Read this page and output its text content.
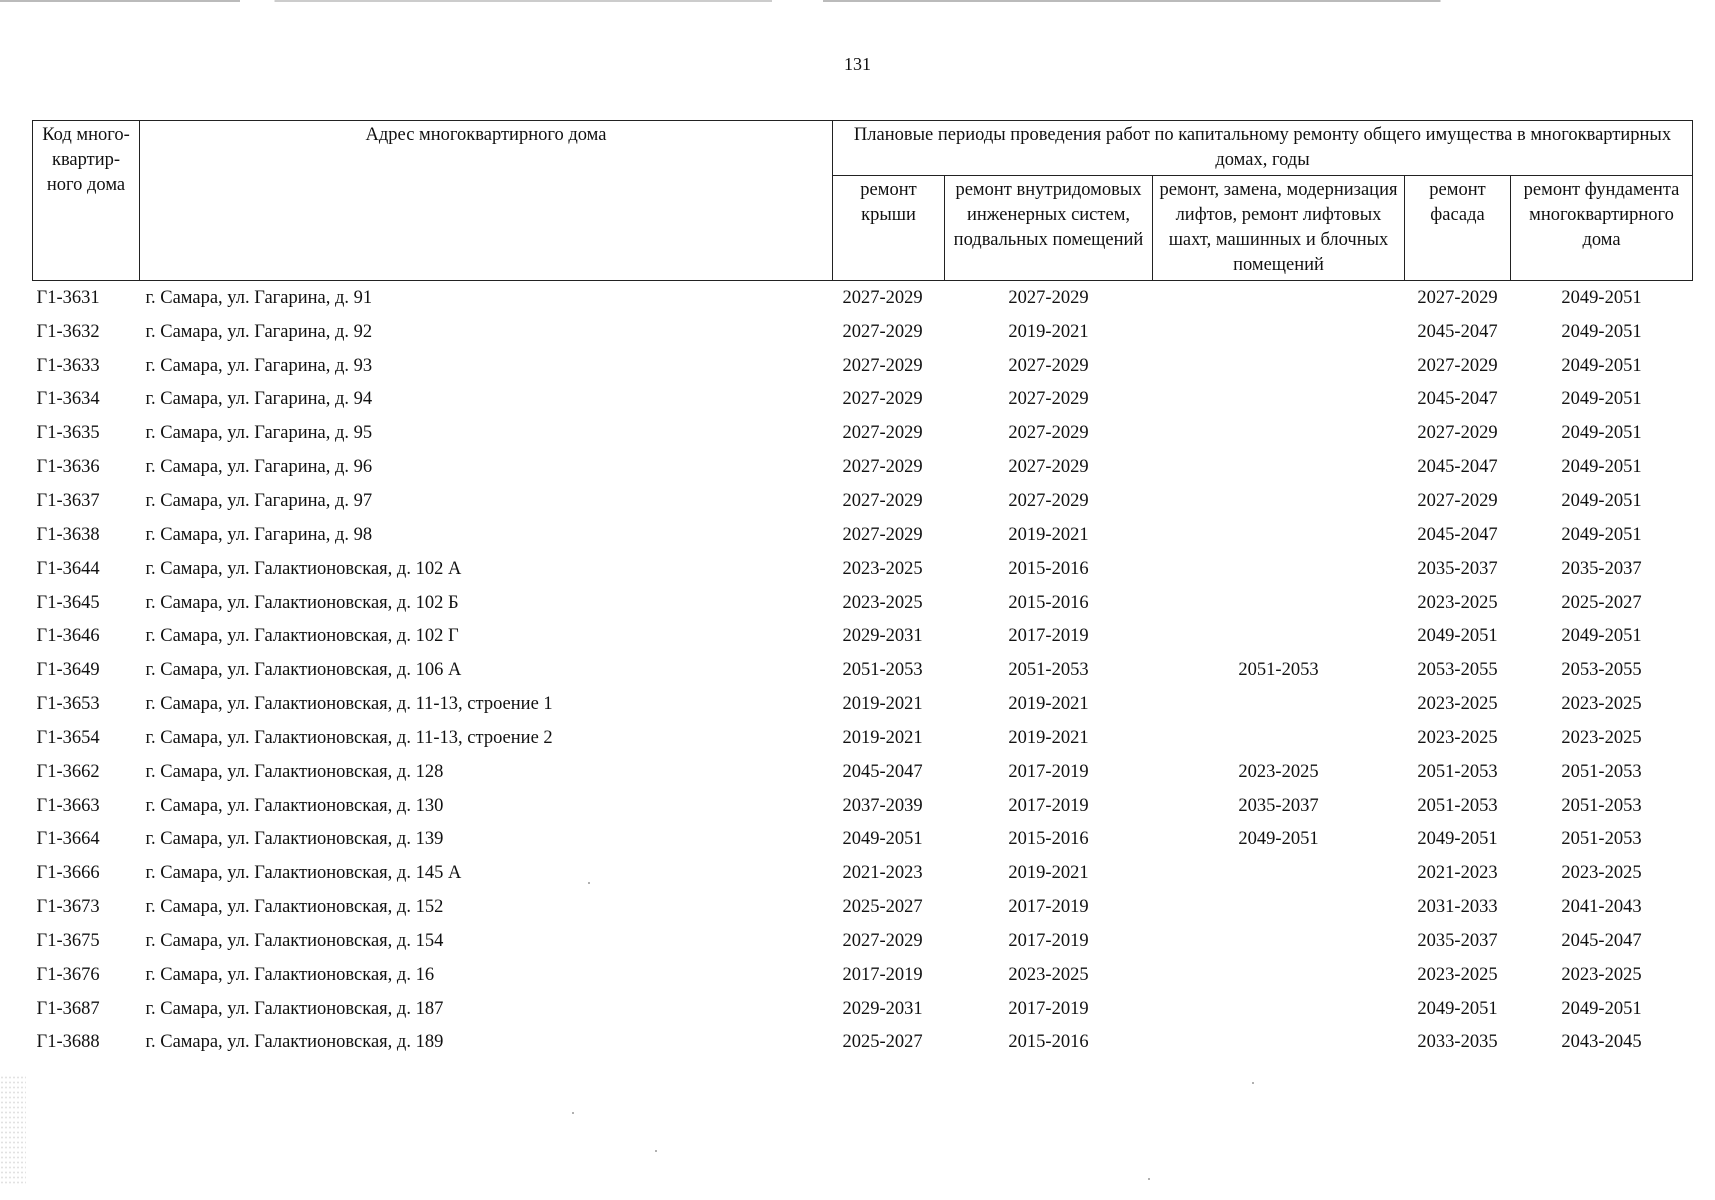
131
Код много-квартир-ного дома	Адрес многоквартирного дома	Плановые периоды проведения работ по капитальному ремонту общего имущества в многоквартирных домах, годы				
		ремонт крыши	ремонт внутридомовых инженерных систем, подвальных помещений	ремонт, замена, модернизация лифтов, ремонт лифтовых шахт, машинных и блочных помещений	ремонт фасада	ремонт фундамента многоквартирного дома
Г1-3631	г. Самара, ул. Гагарина, д. 91	2027-2029	2027-2029		2027-2029	2049-2051
Г1-3632	г. Самара, ул. Гагарина, д. 92	2027-2029	2019-2021		2045-2047	2049-2051
Г1-3633	г. Самара, ул. Гагарина, д. 93	2027-2029	2027-2029		2027-2029	2049-2051
Г1-3634	г. Самара, ул. Гагарина, д. 94	2027-2029	2027-2029		2045-2047	2049-2051
Г1-3635	г. Самара, ул. Гагарина, д. 95	2027-2029	2027-2029		2027-2029	2049-2051
Г1-3636	г. Самара, ул. Гагарина, д. 96	2027-2029	2027-2029		2045-2047	2049-2051
Г1-3637	г. Самара, ул. Гагарина, д. 97	2027-2029	2027-2029		2027-2029	2049-2051
Г1-3638	г. Самара, ул. Гагарина, д. 98	2027-2029	2019-2021		2045-2047	2049-2051
Г1-3644	г. Самара, ул. Галактионовская, д. 102 А	2023-2025	2015-2016		2035-2037	2035-2037
Г1-3645	г. Самара, ул. Галактионовская, д. 102 Б	2023-2025	2015-2016		2023-2025	2025-2027
Г1-3646	г. Самара, ул. Галактионовская, д. 102 Г	2029-2031	2017-2019		2049-2051	2049-2051
Г1-3649	г. Самара, ул. Галактионовская, д. 106 А	2051-2053	2051-2053	2051-2053	2053-2055	2053-2055
Г1-3653	г. Самара, ул. Галактионовская, д. 11-13, строение 1	2019-2021	2019-2021		2023-2025	2023-2025
Г1-3654	г. Самара, ул. Галактионовская, д. 11-13, строение 2	2019-2021	2019-2021		2023-2025	2023-2025
Г1-3662	г. Самара, ул. Галактионовская, д. 128	2045-2047	2017-2019	2023-2025	2051-2053	2051-2053
Г1-3663	г. Самара, ул. Галактионовская, д. 130	2037-2039	2017-2019	2035-2037	2051-2053	2051-2053
Г1-3664	г. Самара, ул. Галактионовская, д. 139	2049-2051	2015-2016	2049-2051	2049-2051	2051-2053
Г1-3666	г. Самара, ул. Галактионовская, д. 145 А	2021-2023	2019-2021		2021-2023	2023-2025
Г1-3673	г. Самара, ул. Галактионовская, д. 152	2025-2027	2017-2019		2031-2033	2041-2043
Г1-3675	г. Самара, ул. Галактионовская, д. 154	2027-2029	2017-2019		2035-2037	2045-2047
Г1-3676	г. Самара, ул. Галактионовская, д. 16	2017-2019	2023-2025		2023-2025	2023-2025
Г1-3687	г. Самара, ул. Галактионовская, д. 187	2029-2031	2017-2019		2049-2051	2049-2051
Г1-3688	г. Самара, ул. Галактионовская, д. 189	2025-2027	2015-2016		2033-2035	2043-2045
